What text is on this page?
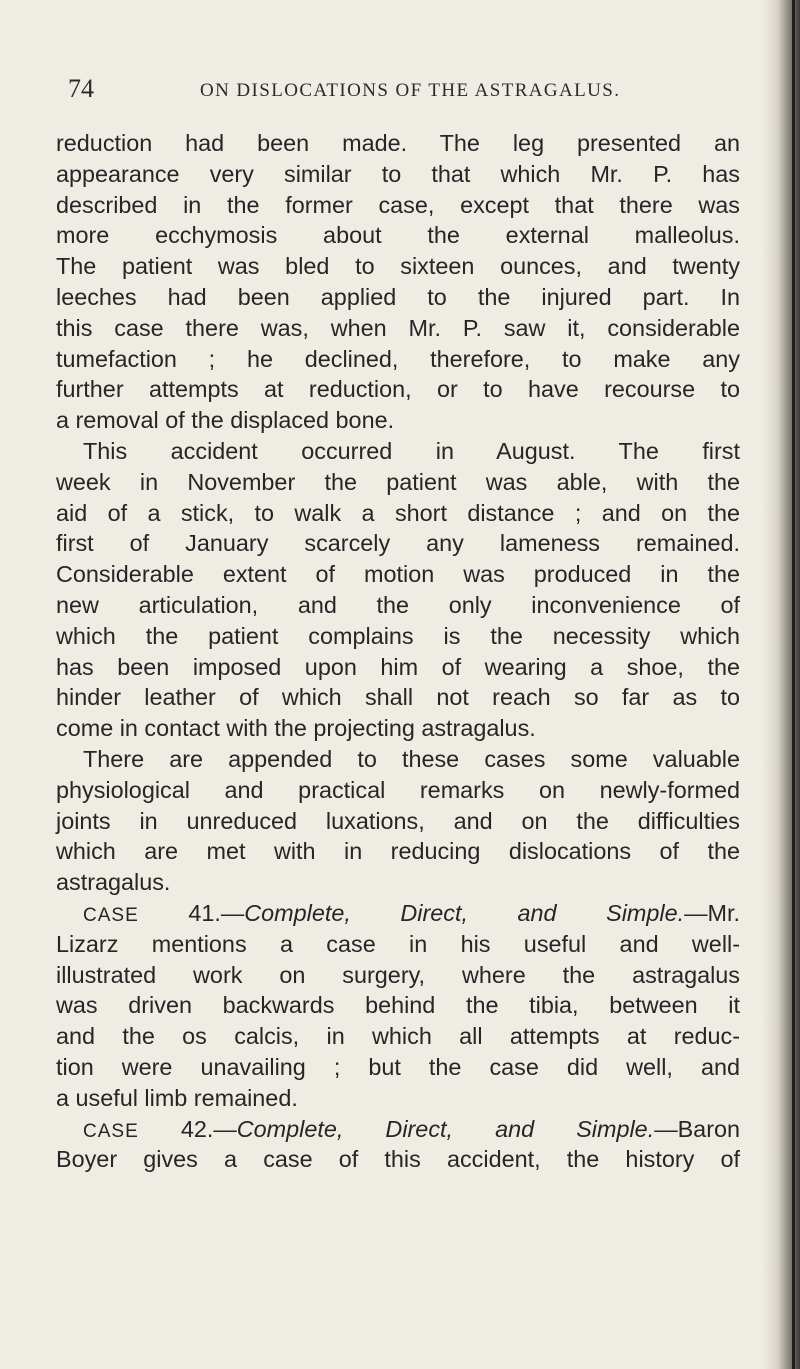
74	ON DISLOCATIONS OF THE ASTRAGALUS.
reduction had been made. The leg presented an
appearance very similar to that which Mr. P. has
described in the former case, except that there was
more ecchymosis about the external malleolus.
The patient was bled to sixteen ounces, and twenty
leeches had been applied to the injured part. In
this case there was, when Mr. P. saw it, considerable
tumefaction ; he declined, therefore, to make any
further attempts at reduction, or to have recourse to
a removal of the displaced bone.
This accident occurred in August. The first
week in November the patient was able, with the
aid of a stick, to walk a short distance ; and on the
first of January scarcely any lameness remained.
Considerable extent of motion was produced in the
new articulation, and the only inconvenience of
which the patient complains is the necessity which
has been imposed upon him of wearing a shoe, the
hinder leather of which shall not reach so far as to
come in contact with the projecting astragalus.
There are appended to these cases some valuable
physiological and practical remarks on newly-formed
joints in unreduced luxations, and on the difficulties
which are met with in reducing dislocations of the
astragalus.
CASE 41.—Complete, Direct, and Simple.—Mr.
Lizarz mentions a case in his useful and well-
illustrated work on surgery, where the astragalus
was driven backwards behind the tibia, between it
and the os calcis, in which all attempts at reduc-
tion were unavailing ; but the case did well, and
a useful limb remained.
CASE 42.—Complete, Direct, and Simple.—Baron
Boyer gives a case of this accident, the history of
